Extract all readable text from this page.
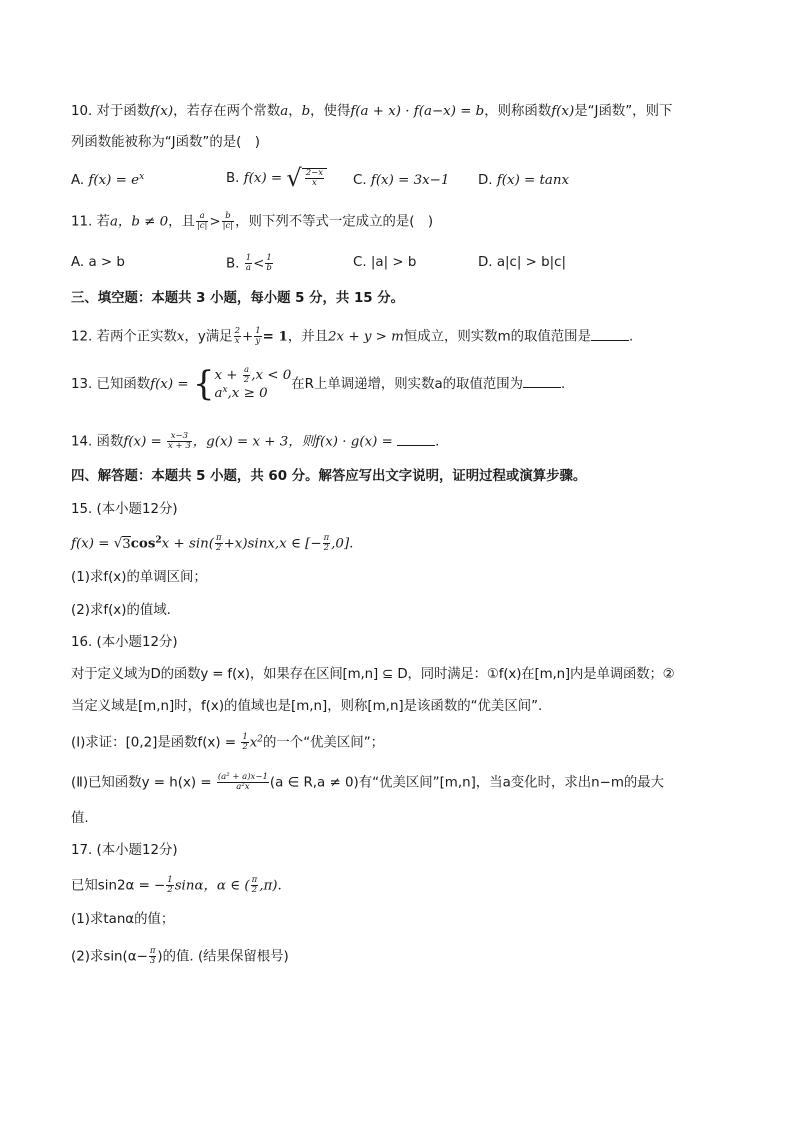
10. 对于函数f(x)，若存在两个常数a，b，使得f(a + x) · f(a−x) = b，则称函数f(x)是“J函数”，则下
列函数能被称为“J函数”的是(　)
A. $f(x) = e^x$	B. f(x) = √ $\frac{2-x}{x} C$. f(x) = 3x−1 D. f(x) = tanx
11. 若a，b ≠ 0，且 $\frac{a}{|c|} > \frac{b}{|c|}$ ，则下列不等式一定成立的是(　)
A. a > b	B. $\frac{1}{a} < \frac{1}{b}$	C. |a| > b	D. a|c| > b|c|
三、填空题：本题共 3 小题，每小题 5 分，共 15 分。
12. 若两个正实数x，y满足 $\frac{2}{x} + \frac{1}{y} = 1$，并且2x + y > m恒成立，则实数m的取值范围是	.
13. 已知函数f(x) = { $x + \frac{a}{2} ,x < 0$
$a^x,x \ge 0$
在R上单调递增，则实数a的取值范围为	.
14. 函数$f(x) = \frac{x-3}{x + 3}$ ，g(x) = x + 3，则f(x) · g(x) =	.
四、解答题：本题共 5 小题，共 60 分。解答应写出文字说明，证明过程或演算步骤。
15. (本小题12分)
$f(x) = √3\cos^2x + \sin( \frac{\pi}{2} +x)\sin x,x$ ∈ [− $\frac{\pi}{2} ,0$].
(1)求f(x)的单调区间；
(2)求f(x)的值域.
16. (本小题12分)
对于定义域为D的函数y = f(x)，如果存在区间[m,n] ⊆ D，同时满足：①f(x)在[m,n]内是单调函数；②
当定义域是[m,n]时，f(x)的值域也是[m,n]，则称[m,n]是该函数的“优美区间”.
(Ⅰ)求证：[0,2]是函数$f(x) = \frac{1}{2} x^2$的一个“优美区间”；
(Ⅱ)已知函数$y = h(x) = \frac{\text{(a² + a)x−1}}{\text{a²x}} (a$ ∈ R,a ≠ 0)有“优美区间”[m,n]，当a变化时，求出n−m的最大
值.
17. (本小题12分)
已知sin2α = − $\frac{1}{2}$ sinα，α ∈ ( $\frac{\pi}{2} ,\pi$).
(1)求tanα的值；
(2)求$\sin(\alpha- \frac{\pi}{3}$ )的值. (结果保留根号)
